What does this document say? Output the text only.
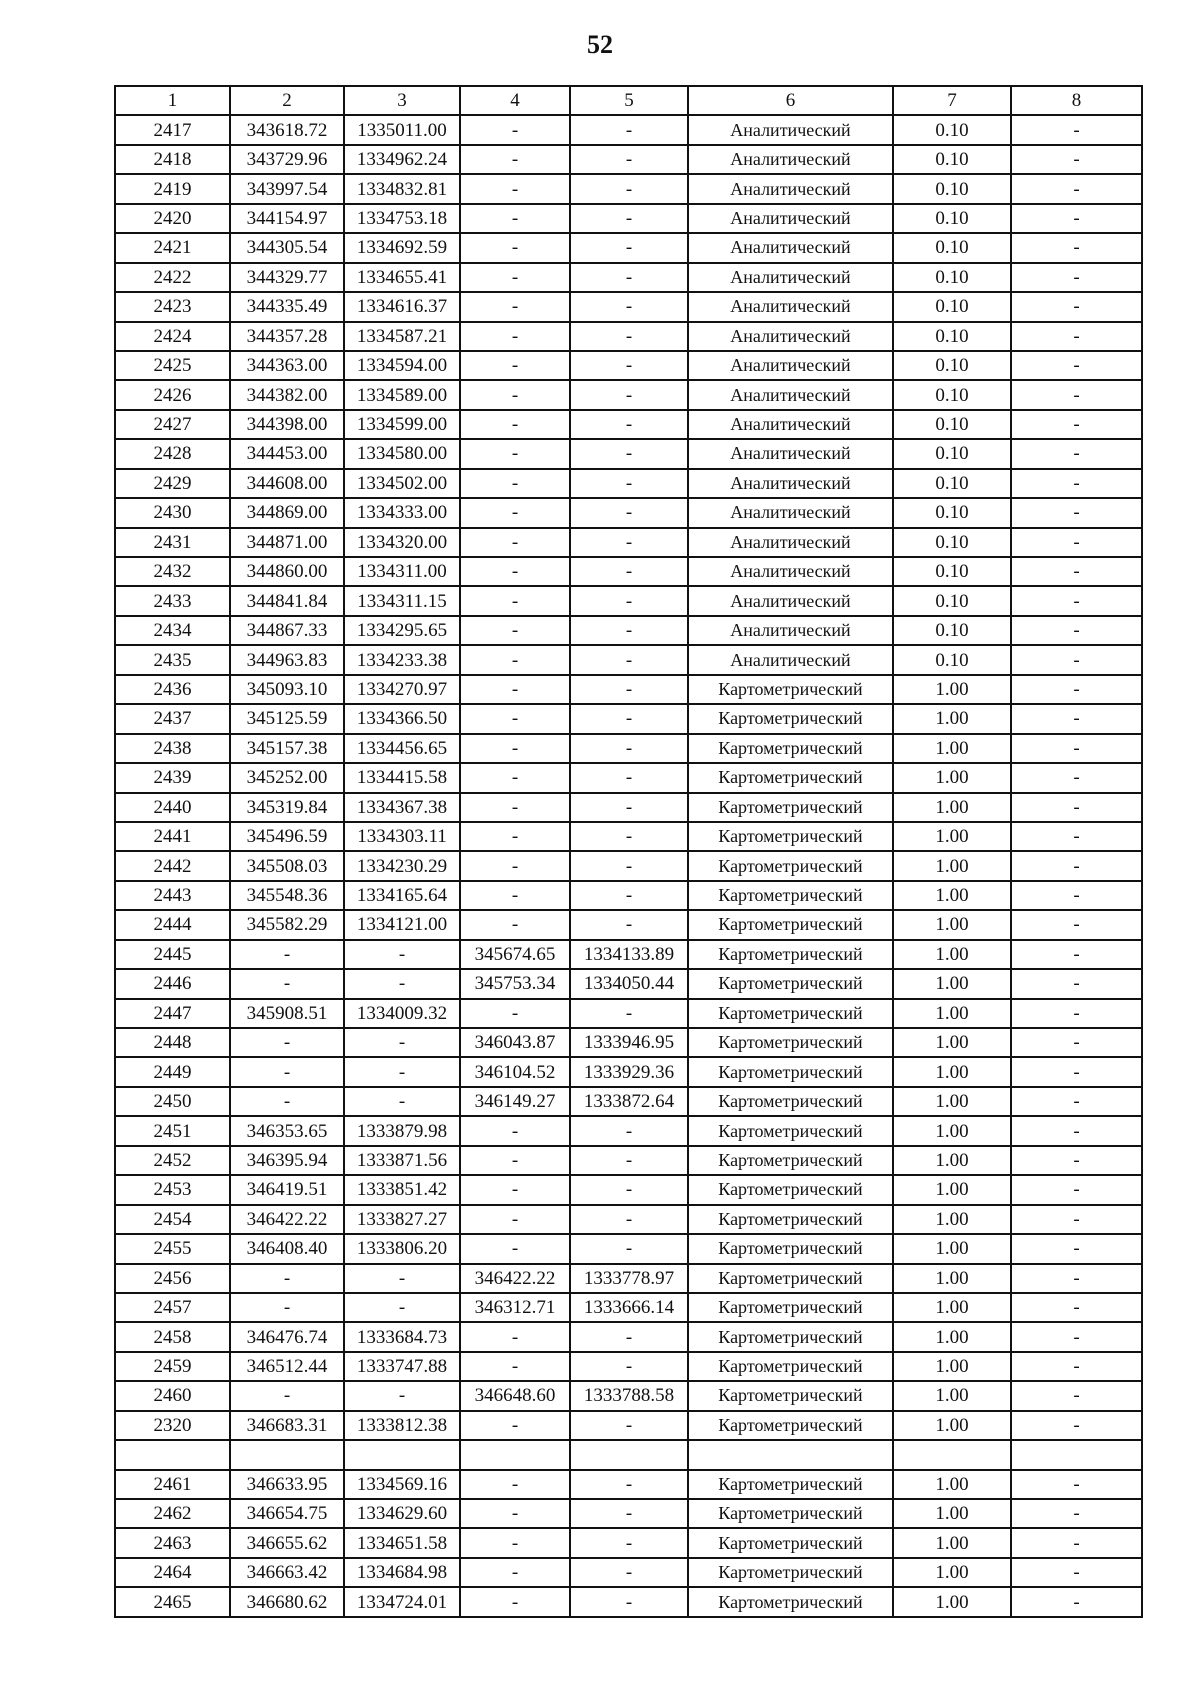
52
1	2	3	4	5	6	7	8
2417	343618.72	1335011.00	-	-	Аналитический	0.10	-
2418	343729.96	1334962.24	-	-	Аналитический	0.10	-
2419	343997.54	1334832.81	-	-	Аналитический	0.10	-
2420	344154.97	1334753.18	-	-	Аналитический	0.10	-
2421	344305.54	1334692.59	-	-	Аналитический	0.10	-
2422	344329.77	1334655.41	-	-	Аналитический	0.10	-
2423	344335.49	1334616.37	-	-	Аналитический	0.10	-
2424	344357.28	1334587.21	-	-	Аналитический	0.10	-
2425	344363.00	1334594.00	-	-	Аналитический	0.10	-
2426	344382.00	1334589.00	-	-	Аналитический	0.10	-
2427	344398.00	1334599.00	-	-	Аналитический	0.10	-
2428	344453.00	1334580.00	-	-	Аналитический	0.10	-
2429	344608.00	1334502.00	-	-	Аналитический	0.10	-
2430	344869.00	1334333.00	-	-	Аналитический	0.10	-
2431	344871.00	1334320.00	-	-	Аналитический	0.10	-
2432	344860.00	1334311.00	-	-	Аналитический	0.10	-
2433	344841.84	1334311.15	-	-	Аналитический	0.10	-
2434	344867.33	1334295.65	-	-	Аналитический	0.10	-
2435	344963.83	1334233.38	-	-	Аналитический	0.10	-
2436	345093.10	1334270.97	-	-	Картометрический	1.00	-
2437	345125.59	1334366.50	-	-	Картометрический	1.00	-
2438	345157.38	1334456.65	-	-	Картометрический	1.00	-
2439	345252.00	1334415.58	-	-	Картометрический	1.00	-
2440	345319.84	1334367.38	-	-	Картометрический	1.00	-
2441	345496.59	1334303.11	-	-	Картометрический	1.00	-
2442	345508.03	1334230.29	-	-	Картометрический	1.00	-
2443	345548.36	1334165.64	-	-	Картометрический	1.00	-
2444	345582.29	1334121.00	-	-	Картометрический	1.00	-
2445	-	-	345674.65	1334133.89	Картометрический	1.00	-
2446	-	-	345753.34	1334050.44	Картометрический	1.00	-
2447	345908.51	1334009.32	-	-	Картометрический	1.00	-
2448	-	-	346043.87	1333946.95	Картометрический	1.00	-
2449	-	-	346104.52	1333929.36	Картометрический	1.00	-
2450	-	-	346149.27	1333872.64	Картометрический	1.00	-
2451	346353.65	1333879.98	-	-	Картометрический	1.00	-
2452	346395.94	1333871.56	-	-	Картометрический	1.00	-
2453	346419.51	1333851.42	-	-	Картометрический	1.00	-
2454	346422.22	1333827.27	-	-	Картометрический	1.00	-
2455	346408.40	1333806.20	-	-	Картометрический	1.00	-
2456	-	-	346422.22	1333778.97	Картометрический	1.00	-
2457	-	-	346312.71	1333666.14	Картометрический	1.00	-
2458	346476.74	1333684.73	-	-	Картометрический	1.00	-
2459	346512.44	1333747.88	-	-	Картометрический	1.00	-
2460	-	-	346648.60	1333788.58	Картометрический	1.00	-
2320	346683.31	1333812.38	-	-	Картометрический	1.00	-

2461	346633.95	1334569.16	-	-	Картометрический	1.00	-
2462	346654.75	1334629.60	-	-	Картометрический	1.00	-
2463	346655.62	1334651.58	-	-	Картометрический	1.00	-
2464	346663.42	1334684.98	-	-	Картометрический	1.00	-
2465	346680.62	1334724.01	-	-	Картометрический	1.00	-
